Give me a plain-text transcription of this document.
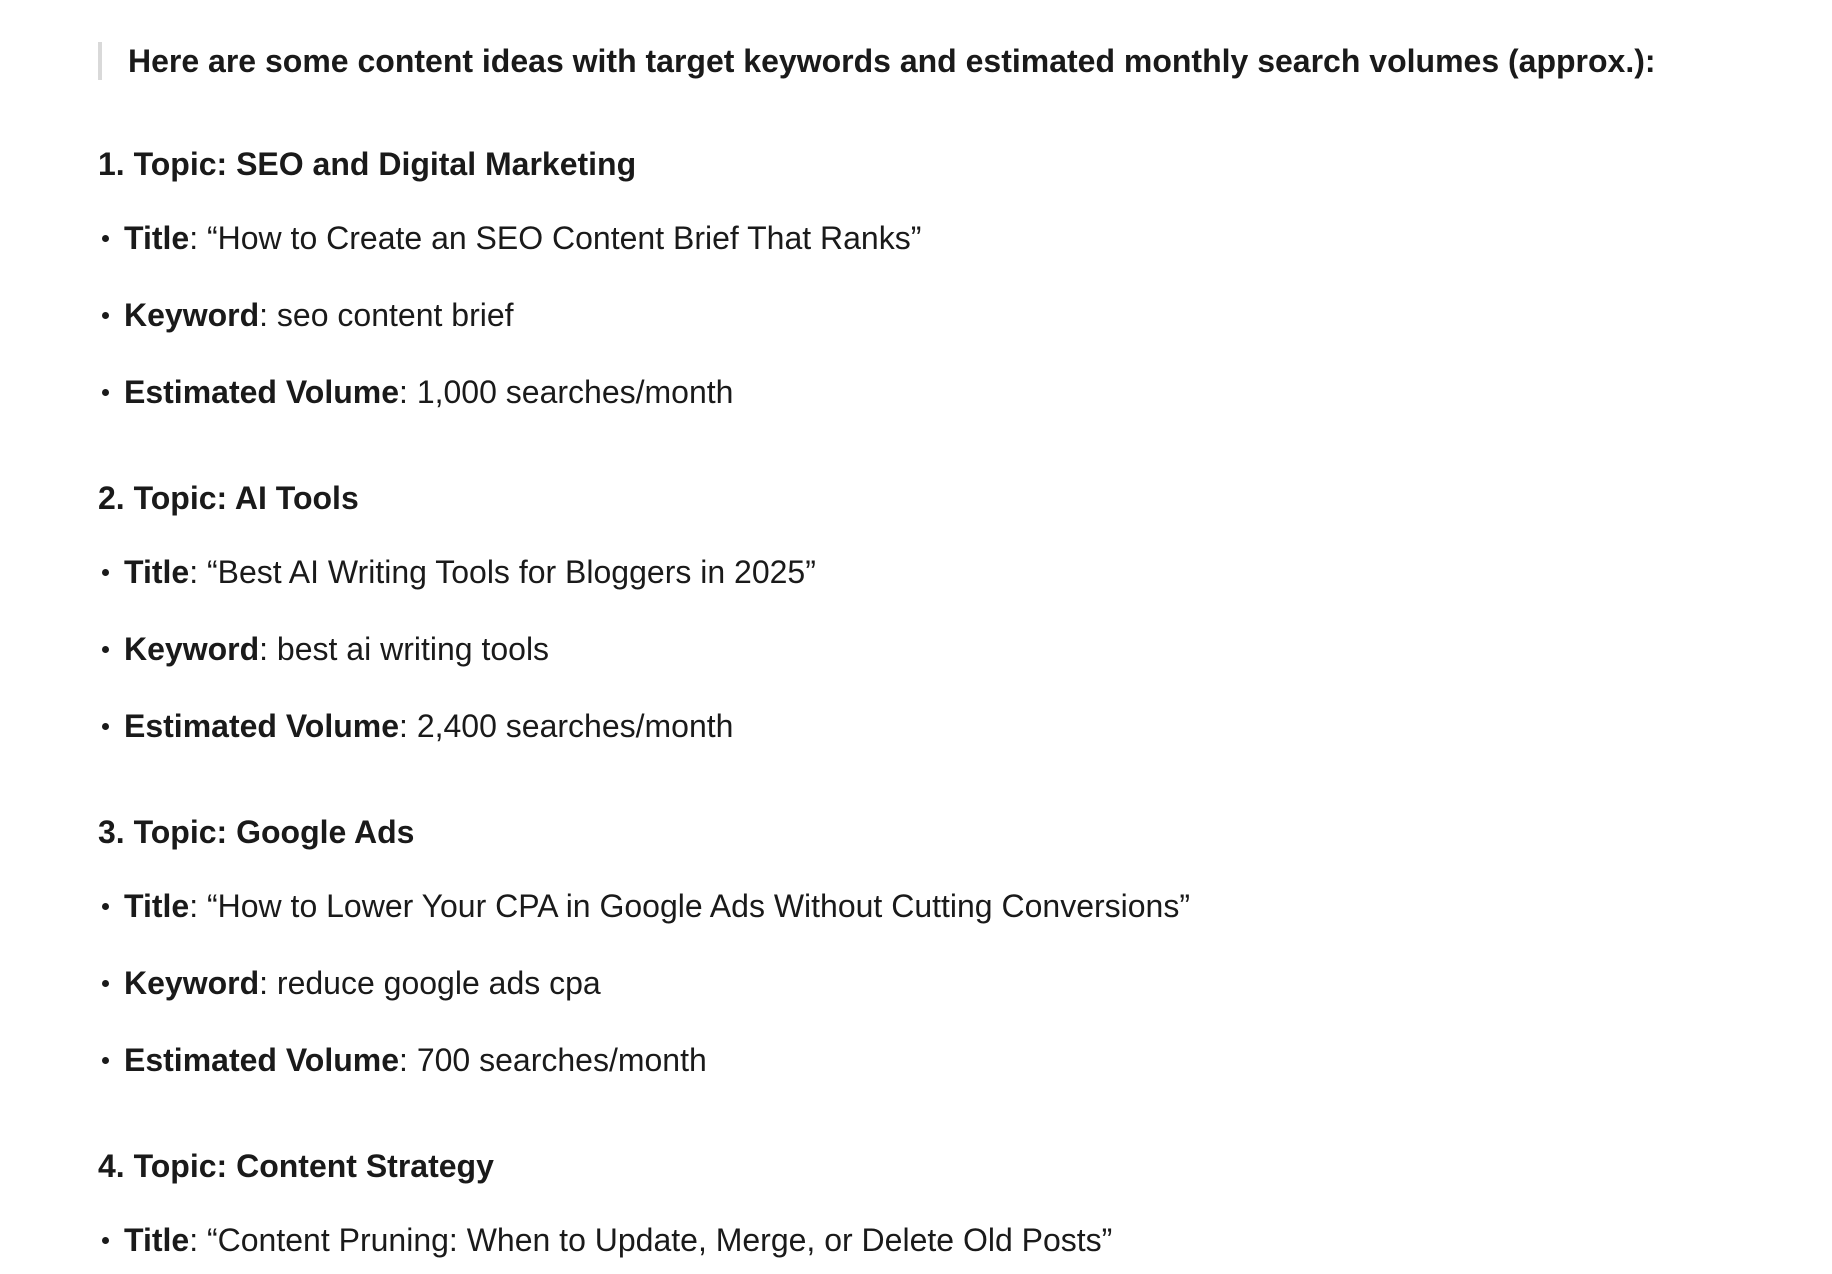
Here are some content ideas with target keywords and estimated monthly search volumes (approx.):
1. Topic: SEO and Digital Marketing
Title: “How to Create an SEO Content Brief That Ranks”
Keyword: seo content brief
Estimated Volume: 1,000 searches/month
2. Topic: AI Tools
Title: “Best AI Writing Tools for Bloggers in 2025”
Keyword: best ai writing tools
Estimated Volume: 2,400 searches/month
3. Topic: Google Ads
Title: “How to Lower Your CPA in Google Ads Without Cutting Conversions”
Keyword: reduce google ads cpa
Estimated Volume: 700 searches/month
4. Topic: Content Strategy
Title: “Content Pruning: When to Update, Merge, or Delete Old Posts”
